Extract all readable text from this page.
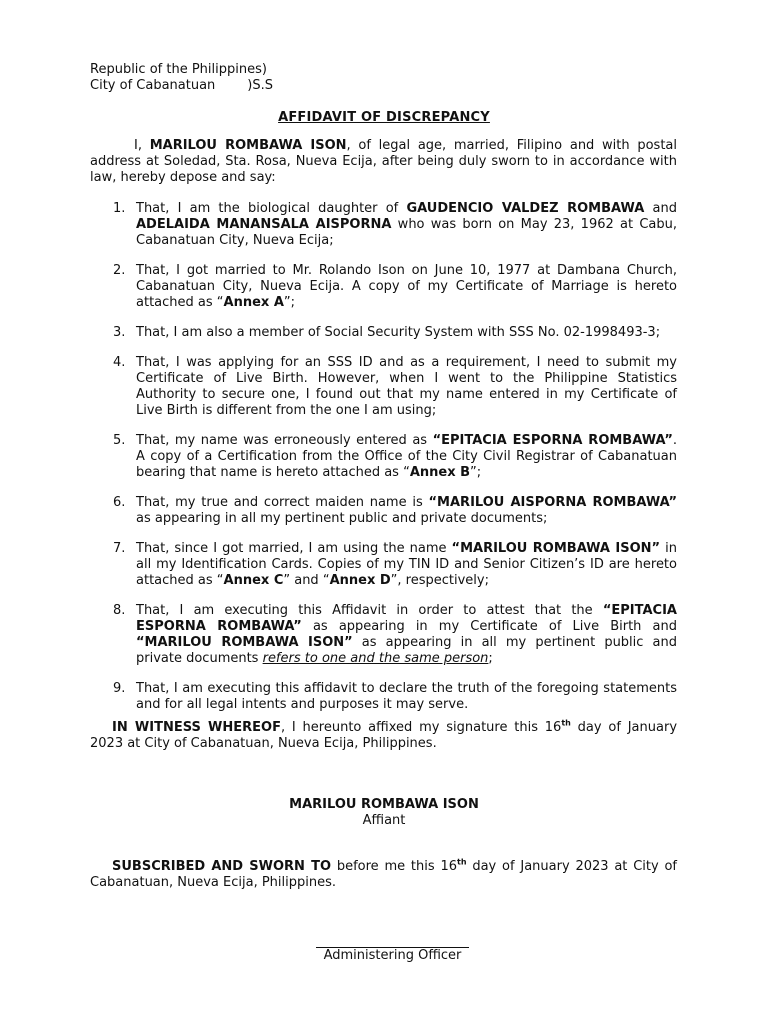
Republic of the Philippines)
City of Cabanatuan )S.S
AFFIDAVIT OF DISCREPANCY
I, MARILOU ROMBAWA ISON, of legal age, married, Filipino and with postal address at Soledad, Sta. Rosa, Nueva Ecija, after being duly sworn to in accordance with law, hereby depose and say:
1. That, I am the biological daughter of GAUDENCIO VALDEZ ROMBAWA and ADELAIDA MANANSALA AISPORNA who was born on May 23, 1962 at Cabu, Cabanatuan City, Nueva Ecija;
2. That, I got married to Mr. Rolando Ison on June 10, 1977 at Dambana Church, Cabanatuan City, Nueva Ecija. A copy of my Certificate of Marriage is hereto attached as “Annex A”;
3. That, I am also a member of Social Security System with SSS No. 02-1998493-3;
4. That, I was applying for an SSS ID and as a requirement, I need to submit my Certificate of Live Birth. However, when I went to the Philippine Statistics Authority to secure one, I found out that my name entered in my Certificate of Live Birth is different from the one I am using;
5. That, my name was erroneously entered as “EPITACIA ESPORNA ROMBAWA”. A copy of a Certification from the Office of the City Civil Registrar of Cabanatuan bearing that name is hereto attached as “Annex B”;
6. That, my true and correct maiden name is “MARILOU AISPORNA ROMBAWA” as appearing in all my pertinent public and private documents;
7. That, since I got married, I am using the name “MARILOU ROMBAWA ISON” in all my Identification Cards. Copies of my TIN ID and Senior Citizen’s ID are hereto attached as “Annex C” and “Annex D”, respectively;
8. That, I am executing this Affidavit in order to attest that the “EPITACIA ESPORNA ROMBAWA” as appearing in my Certificate of Live Birth and “MARILOU ROMBAWA ISON” as appearing in all my pertinent public and private documents refers to one and the same person;
9. That, I am executing this affidavit to declare the truth of the foregoing statements and for all legal intents and purposes it may serve.
IN WITNESS WHEREOF, I hereunto affixed my signature this 16th day of January 2023 at City of Cabanatuan, Nueva Ecija, Philippines.
MARILOU ROMBAWA ISON
Affiant
SUBSCRIBED AND SWORN TO before me this 16th day of January 2023 at City of Cabanatuan, Nueva Ecija, Philippines.
Administering Officer
